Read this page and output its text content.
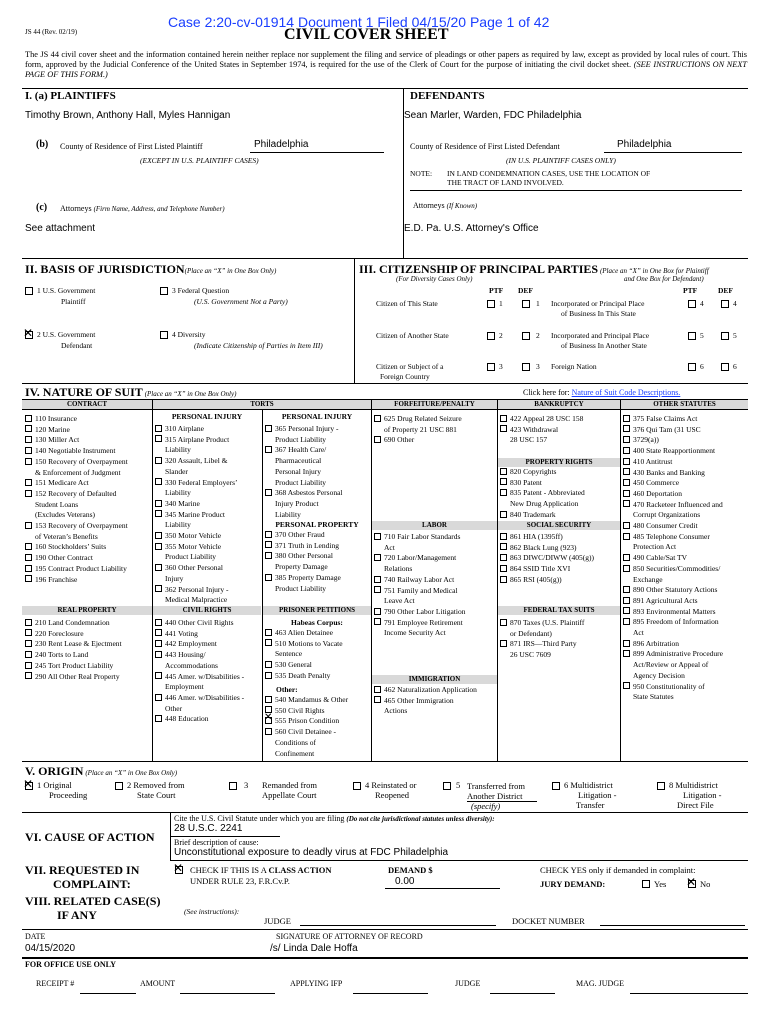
JS 44 (Rev. 02/19)
Case 2:20-cv-01914 Document 1 Filed 04/15/20 Page 1 of 42
CIVIL COVER SHEET
The JS 44 civil cover sheet and the information contained herein neither replace nor supplement the filing and service of pleadings or other papers as required by law, except as provided by local rules of court. This form, approved by the Judicial Conference of the United States in September 1974, is required for the use of the Clerk of Court for the purpose of initiating the civil docket sheet. (SEE INSTRUCTIONS ON NEXT PAGE OF THIS FORM.)
I. (a) PLAINTIFFS
Timothy Brown, Anthony Hall, Myles Hannigan
DEFENDANTS
Sean Marler, Warden, FDC Philadelphia
(b) County of Residence of First Listed Plaintiff	Philadelphia
(EXCEPT IN U.S. PLAINTIFF CASES)
County of Residence of First Listed Defendant	Philadelphia
(IN U.S. PLAINTIFF CASES ONLY)
NOTE: IN LAND CONDEMNATION CASES, USE THE LOCATION OF
THE TRACT OF LAND INVOLVED.
(c) Attorneys (Firm Name, Address, and Telephone Number)
See attachment
Attorneys (If Known)
E.D. Pa. U.S. Attorney's Office
II. BASIS OF JURISDICTION(Place an “X” in One Box Only)
1 U.S. Government
Plaintiff
3 Federal Question
(U.S. Government Not a Party)
✕
2 U.S. Government
Defendant
4 Diversity
(Indicate Citizenship of Parties in Item III)
III. CITIZENSHIP OF PRINCIPAL PARTIES (Place an “X” in One Box for Plaintiff
(For Diversity Cases Only)	and One Box for Defendant)
PTF DEF	PTF	DEF
Citizen of This State	1	1 Incorporated or Principal Place
of Business In This State
4	4
Citizen of Another State	2	2 Incorporated and Principal Place
of Business In Another State
5	5
Citizen or Subject of a
Foreign Country
3	3 Foreign Nation	6	6
IV. NATURE OF SUIT (Place an “X” in One Box Only)	Click here for: Nature of Suit Code Descriptions.
CONTRACT	TORTS	FORFEITURE/PENALTY	BANKRUPTCY	OTHER STATUTES
110 Insurance
120 Marine
130 Miller Act
140 Negotiable Instrument
150 Recovery of Overpayment
& Enforcement of Judgment
151 Medicare Act
152 Recovery of Defaulted
Student Loans
(Excludes Veterans)
153 Recovery of Overpayment
of Veteran’s Benefits
160 Stockholders’ Suits
190 Other Contract
195 Contract Product Liability
196 Franchise
PERSONAL INJURY
310 Airplane
315 Airplane Product
Liability
320 Assault, Libel &
Slander
330 Federal Employers’
Liability
340 Marine
345 Marine Product
Liability
350 Motor Vehicle
355 Motor Vehicle
Product Liability
360 Other Personal
Injury
362 Personal Injury -
Medical Malpractice
PERSONAL INJURY
365 Personal Injury -
Product Liability
367 Health Care/
Pharmaceutical
Personal Injury
Product Liability
368 Asbestos Personal
Injury Product
Liability
PERSONAL PROPERTY
370 Other Fraud
371 Truth in Lending
380 Other Personal
Property Damage
385 Property Damage
Product Liability
625 Drug Related Seizure
of Property 21 USC 881
690 Other
422 Appeal 28 USC 158
423 Withdrawal
28 USC 157
PROPERTY RIGHTS
820 Copyrights
830 Patent
835 Patent - Abbreviated
New Drug Application
840 Trademark
LABOR
710 Fair Labor Standards
Act
720 Labor/Management
Relations
740 Railway Labor Act
751 Family and Medical
Leave Act
790 Other Labor Litigation
791 Employee Retirement
Income Security Act
SOCIAL SECURITY
861 HIA (1395ff)
862 Black Lung (923)
863 DIWC/DIWW (405(g))
864 SSID Title XVI
865 RSI (405(g))
375 False Claims Act
376 Qui Tam (31 USC
3729(a))
400 State Reapportionment
410 Antitrust
430 Banks and Banking
450 Commerce
460 Deportation
470 Racketeer Influenced and
Corrupt Organizations
480 Consumer Credit
485 Telephone Consumer
Protection Act
490 Cable/Sat TV
850 Securities/Commodities/
Exchange
890 Other Statutory Actions
891 Agricultural Acts
893 Environmental Matters
895 Freedom of Information
Act
896 Arbitration
899 Administrative Procedure
Act/Review or Appeal of
Agency Decision
950 Constitutionality of
State Statutes
REAL PROPERTY
210 Land Condemnation
220 Foreclosure
230 Rent Lease & Ejectment
240 Torts to Land
245 Tort Product Liability
290 All Other Real Property
CIVIL RIGHTS
440 Other Civil Rights
441 Voting
442 Employment
443 Housing/
Accommodations
445 Amer. w/Disabilities -
Employment
446 Amer. w/Disabilities -
Other
448 Education
PRISONER PETITIONS
Habeas Corpus:
463 Alien Detainee
510 Motions to Vacate
Sentence
530 General
535 Death Penalty
Other:
540 Mandamus & Other
550 Civil Rights
✕ 555 Prison Condition
560 Civil Detainee -
Conditions of
Confinement
FEDERAL TAX SUITS
870 Taxes (U.S. Plaintiff
or Defendant)
871 IRS—Third Party
26 USC 7609
IMMIGRATION
462 Naturalization Application
465 Other Immigration
Actions
V. ORIGIN (Place an “X” in One Box Only)
✕
1 Original
Proceeding
2 Removed from
State Court
3 Remanded from
Appellate Court
4 Reinstated or
Reopened
5 Transferred from
Another District
(specify)
6 Multidistrict
Litigation -
Transfer
8 Multidistrict
Litigation -
Direct File
VI. CAUSE OF ACTION
Cite the U.S. Civil Statute under which you are filing (Do not cite jurisdictional statutes unless diversity):
28 U.S.C. 2241
Brief description of cause:
Unconstitutional exposure to deadly virus at FDC Philadelphia
VII. REQUESTED IN
COMPLAINT:
✕
CHECK IF THIS IS A CLASS ACTION
UNDER RULE 23, F.R.Cv.P.
DEMAND $
0.00
CHECK YES only if demanded in complaint:
JURY DEMAND:	Yes
✕	No
VIII. RELATED CASE(S)
IF ANY	(See instructions):
JUDGE	DOCKET NUMBER
DATE
04/15/2020
SIGNATURE OF ATTORNEY OF RECORD
/s/ Linda Dale Hoffa
FOR OFFICE USE ONLY
RECEIPT #	AMOUNT	APPLYING IFP	JUDGE	MAG. JUDGE
